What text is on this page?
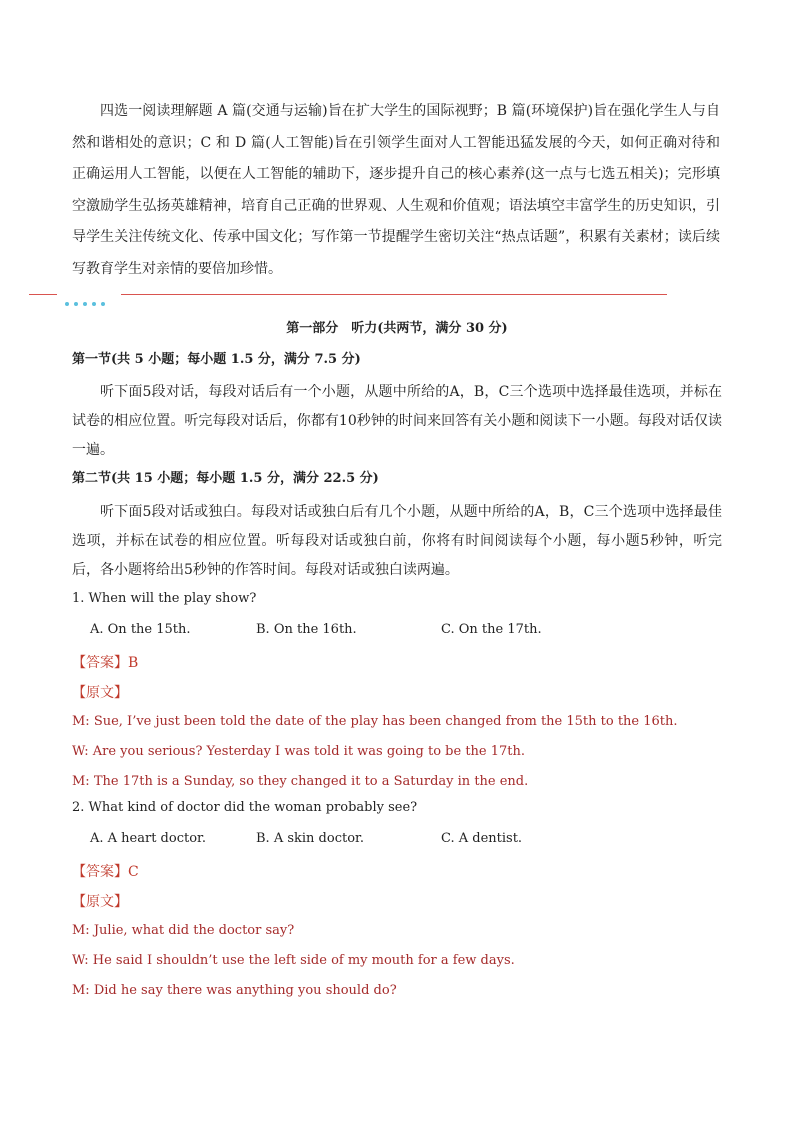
四选一阅读理解题 A 篇(交通与运输)旨在扩大学生的国际视野；B 篇(环境保护)旨在强化学生人与自然和谐相处的意识；C 和 D 篇(人工智能)旨在引领学生面对人工智能迅猛发展的今天，如何正确对待和正确运用人工智能，以便在人工智能的辅助下，逐步提升自己的核心素养(这一点与七选五相关)；完形填空激励学生弘扬英雄精神，培育自己正确的世界观、人生观和价值观；语法填空丰富学生的历史知识，引导学生关注传统文化、传承中国文化；写作第一节提醒学生密切关注“热点话题”，积累有关素材；读后续写教育学生对亲情的要倍加珍惜。
第一部分　听力(共两节，满分 30 分)
第一节(共 5 小题；每小题 1.5 分，满分 7.5 分)
听下面5段对话，每段对话后有一个小题，从题中所给的A，B，C三个选项中选择最佳选项，并标在试卷的相应位置。听完每段对话后，你都有10秒钟的时间来回答有关小题和阅读下一小题。每段对话仅读一遍。
第二节(共 15 小题；每小题 1.5 分，满分 22.5 分)
听下面5段对话或独白。每段对话或独白后有几个小题，从题中所给的A，B，C三个选项中选择最佳选项，并标在试卷的相应位置。听每段对话或独白前，你将有时间阅读每个小题，每小题5秒钟，听完后，各小题将给出5秒钟的作答时间。每段对话或独白读两遍。
1. When will the play show?
A. On the 15th.	B. On the 16th.	C. On the 17th.
【答案】B
【原文】
M: Sue, I’ve just been told the date of the play has been changed from the 15th to the 16th.
W: Are you serious? Yesterday I was told it was going to be the 17th.
M: The 17th is a Sunday, so they changed it to a Saturday in the end.
2. What kind of doctor did the woman probably see?
A. A heart doctor.	B. A skin doctor.	C. A dentist.
【答案】C
【原文】
M: Julie, what did the doctor say?
W: He said I shouldn’t use the left side of my mouth for a few days.
M: Did he say there was anything you should do?
